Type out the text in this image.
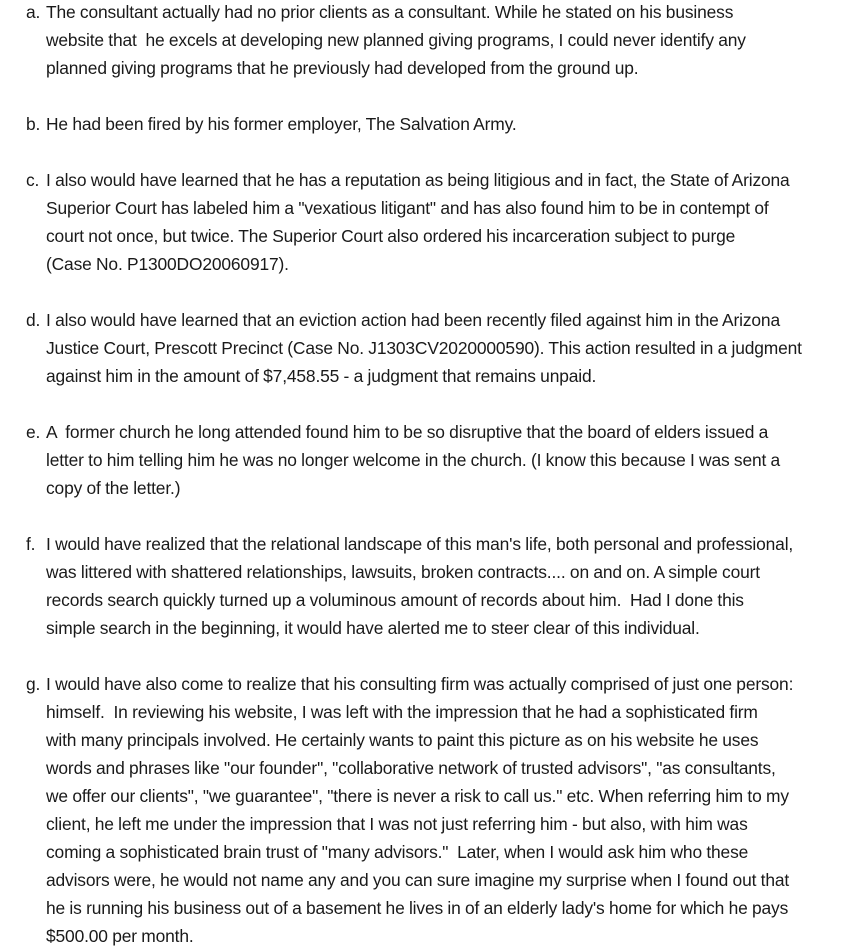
a. The consultant actually had no prior clients as a consultant. While he stated on his business
website that  he excels at developing new planned giving programs, I could never identify any
planned giving programs that he previously had developed from the ground up.
b. He had been fired by his former employer, The Salvation Army.
c. I also would have learned that he has a reputation as being litigious and in fact, the State of Arizona
Superior Court has labeled him a "vexatious litigant" and has also found him to be in contempt of
court not once, but twice. The Superior Court also ordered his incarceration subject to purge
(Case No. P1300DO20060917).
d. I also would have learned that an eviction action had been recently filed against him in the Arizona
Justice Court, Prescott Precinct (Case No. J1303CV2020000590). This action resulted in a judgment
against him in the amount of $7,458.55 - a judgment that remains unpaid.
e. A  former church he long attended found him to be so disruptive that the board of elders issued a
letter to him telling him he was no longer welcome in the church. (I know this because I was sent a
copy of the letter.)
f. I would have realized that the relational landscape of this man's life, both personal and professional,
was littered with shattered relationships, lawsuits, broken contracts.... on and on. A simple court
records search quickly turned up a voluminous amount of records about him.  Had I done this
simple search in the beginning, it would have alerted me to steer clear of this individual.
g. I would have also come to realize that his consulting firm was actually comprised of just one person:
himself.  In reviewing his website, I was left with the impression that he had a sophisticated firm
with many principals involved. He certainly wants to paint this picture as on his website he uses
words and phrases like "our founder", "collaborative network of trusted advisors", "as consultants,
we offer our clients", "we guarantee", "there is never a risk to call us." etc. When referring him to my
client, he left me under the impression that I was not just referring him - but also, with him was
coming a sophisticated brain trust of "many advisors."  Later, when I would ask him who these
advisors were, he would not name any and you can sure imagine my surprise when I found out that
he is running his business out of a basement he lives in of an elderly lady's home for which he pays
$500.00 per month.
